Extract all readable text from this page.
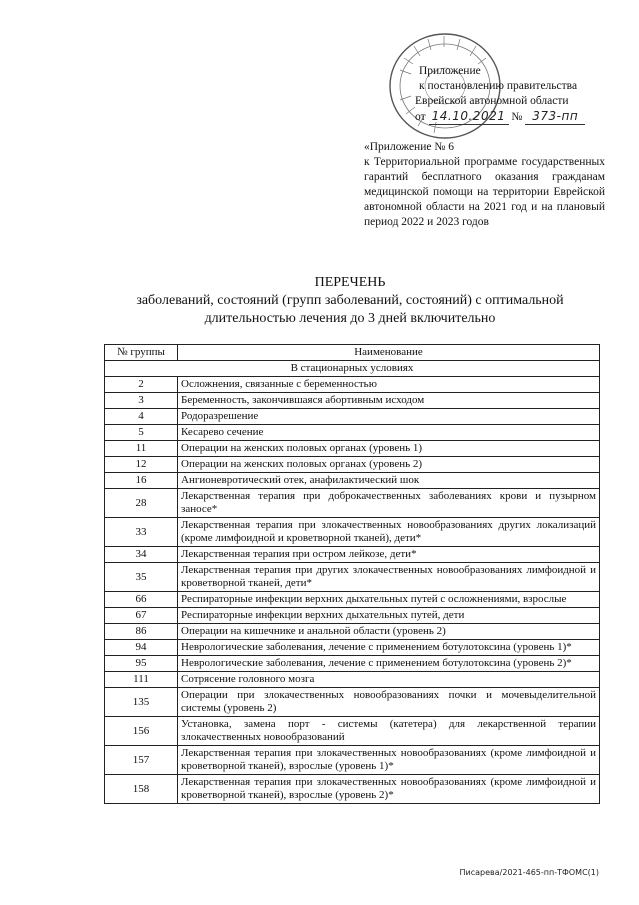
Приложение
к постановлению правительства
Еврейской автономной области
от 14.10.2021 № 373-пп
«Приложение № 6
к Территориальной программе государственных гарантий бесплатного оказания гражданам медицинской помощи на территории Еврейской автономной области на 2021 год и на плановый период 2022 и 2023 годов
ПЕРЕЧЕНЬ
заболеваний, состояний (групп заболеваний, состояний) с оптимальной длительностью лечения до 3 дней включительно
№ группы	Наименование
В стационарных условиях	
2	Осложнения, связанные с беременностью
3	Беременность, закончившаяся абортивным исходом
4	Родоразрешение
5	Кесарево сечение
11	Операции на женских половых органах (уровень 1)
12	Операции на женских половых органах (уровень 2)
16	Ангионевротический отек, анафилактический шок
28	Лекарственная терапия при доброкачественных заболеваниях крови и пузырном заносе*
33	Лекарственная терапия при злокачественных новообразованиях других локализаций (кроме лимфоидной и кроветворной тканей), дети*
34	Лекарственная терапия при остром лейкозе, дети*
35	Лекарственная терапия при других злокачественных новообразованиях лимфоидной и кроветворной тканей, дети*
66	Респираторные инфекции верхних дыхательных путей с осложнениями, взрослые
67	Респираторные инфекции верхних дыхательных путей, дети
86	Операции на кишечнике и анальной области (уровень 2)
94	Неврологические заболевания, лечение с применением ботулотоксина (уровень 1)*
95	Неврологические заболевания, лечение с применением ботулотоксина (уровень 2)*
111	Сотрясение головного мозга
135	Операции при злокачественных новообразованиях почки и мочевыделительной системы (уровень 2)
156	Установка, замена порт - системы (катетера) для лекарственной терапии злокачественных новообразований
157	Лекарственная терапия при злокачественных новообразованиях (кроме лимфоидной и кроветворной тканей), взрослые (уровень 1)*
158	Лекарственная терапия при злокачественных новообразованиях (кроме лимфоидной и кроветворной тканей), взрослые (уровень 2)*
Писарева/2021-465-пп-ТФОМС(1)
